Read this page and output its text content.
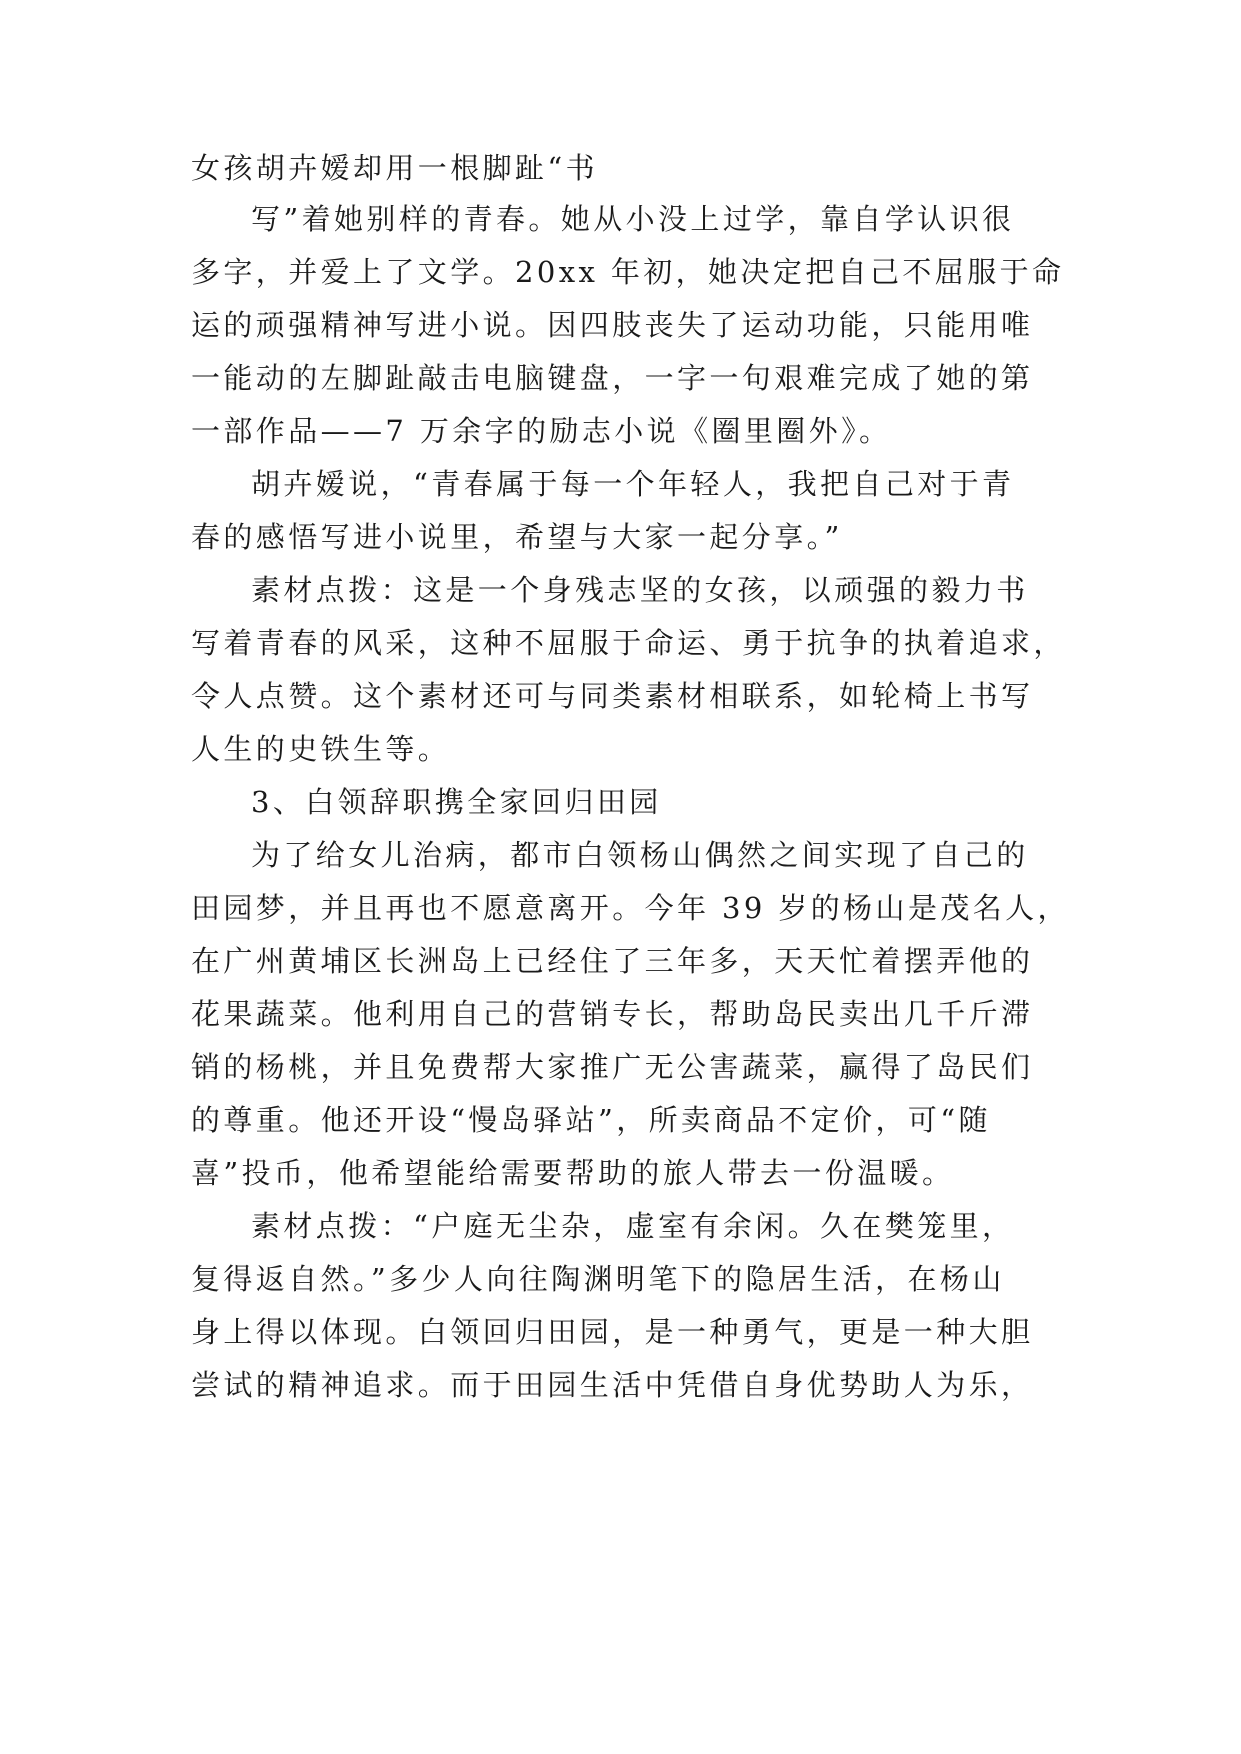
女孩胡卉嫒却用一根脚趾“书
写”着她别样的青春。她从小没上过学，靠自学认识很
多字，并爱上了文学。20xx 年初，她决定把自己不屈服于命
运的顽强精神写进小说。因四肢丧失了运动功能，只能用唯
一能动的左脚趾敲击电脑键盘，一字一句艰难完成了她的第
一部作品——7 万余字的励志小说《圈里圈外》。
胡卉嫒说，“青春属于每一个年轻人，我把自己对于青
春的感悟写进小说里，希望与大家一起分享。”
素材点拨：这是一个身残志坚的女孩，以顽强的毅力书
写着青春的风采，这种不屈服于命运、勇于抗争的执着追求，
令人点赞。这个素材还可与同类素材相联系，如轮椅上书写
人生的史铁生等。
3、白领辞职携全家回归田园
为了给女儿治病，都市白领杨山偶然之间实现了自己的
田园梦，并且再也不愿意离开。今年 39 岁的杨山是茂名人，
在广州黄埔区长洲岛上已经住了三年多，天天忙着摆弄他的
花果蔬菜。他利用自己的营销专长，帮助岛民卖出几千斤滞
销的杨桃，并且免费帮大家推广无公害蔬菜，赢得了岛民们
的尊重。他还开设“慢岛驿站”，所卖商品不定价，可“随
喜”投币，他希望能给需要帮助的旅人带去一份温暖。
素材点拨：“户庭无尘杂，虚室有余闲。久在樊笼里，
复得返自然。”多少人向往陶渊明笔下的隐居生活，在杨山
身上得以体现。白领回归田园，是一种勇气，更是一种大胆
尝试的精神追求。而于田园生活中凭借自身优势助人为乐，
